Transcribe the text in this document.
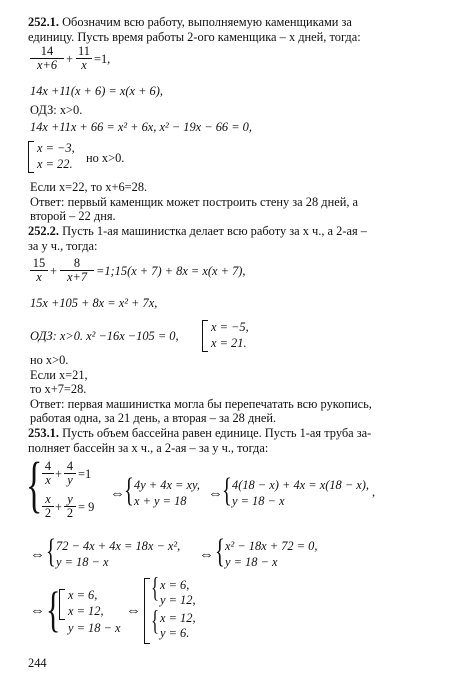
252.1. Обозначим всю работу, выполняемую каменщиками за
единицу. Пусть время работы 2-ого каменщика – x дней, тогда:
$\frac{14}{x+6} + \frac{11}{x} =1$,
14x +11(x + 6) = x(x + 6),
ОДЗ: x>0.
14x +11x + 66 = x² + 6x, x² − 19x − 66 = 0,
x = −3,
x = 22. но x>0.
Если x=22, то x+6=28.
Ответ: первый каменщик может построить стену за 28 дней, а
второй – 22 дня.
252.2. Пусть 1-ая машинистка делает всю работу за x ч., а 2-ая –
за y ч., тогда:
$\frac{15}{x} + \frac{8}{x+7}$ =1;15(x + 7) + 8x = x(x + 7),
15x +105 + 8x = x² + 7x,
ОДЗ: x>0. x² −16x −105 = 0,
x = −5,
x = 21.
но x>0.
Если x=21,
то x+7=28.
Ответ: первая машинистка могла бы перепечатать всю рукопись,
работая одна, за 21 день, а вторая – за 28 дней.
253.1. Пусть объем бассейна равен единице. Пусть 1-ая труба за-
полняет бассейн за x ч., а 2-ая – за y ч., тогда:
{ $\frac{4}{x} + \frac{4}{y} =1$
$\frac{x}{2} + \frac{y}{2} = 9$
⇔ { 4y + 4x = xy,
x + y = 18 ⇔ { 4(18 − x) + 4x = x(18 − x),
y = 18 − x
,
⇔ { 72 − 4x + 4x = 18x − x²,
y = 18 − x	⇔ { x² − 18x + 72 = 0,
y = 18 − x
⇔ { x = 6,
x = 12,
y = 18 − x
⇔
{ x = 6,
y = 12,
{ x = 12,
y = 6.
244
